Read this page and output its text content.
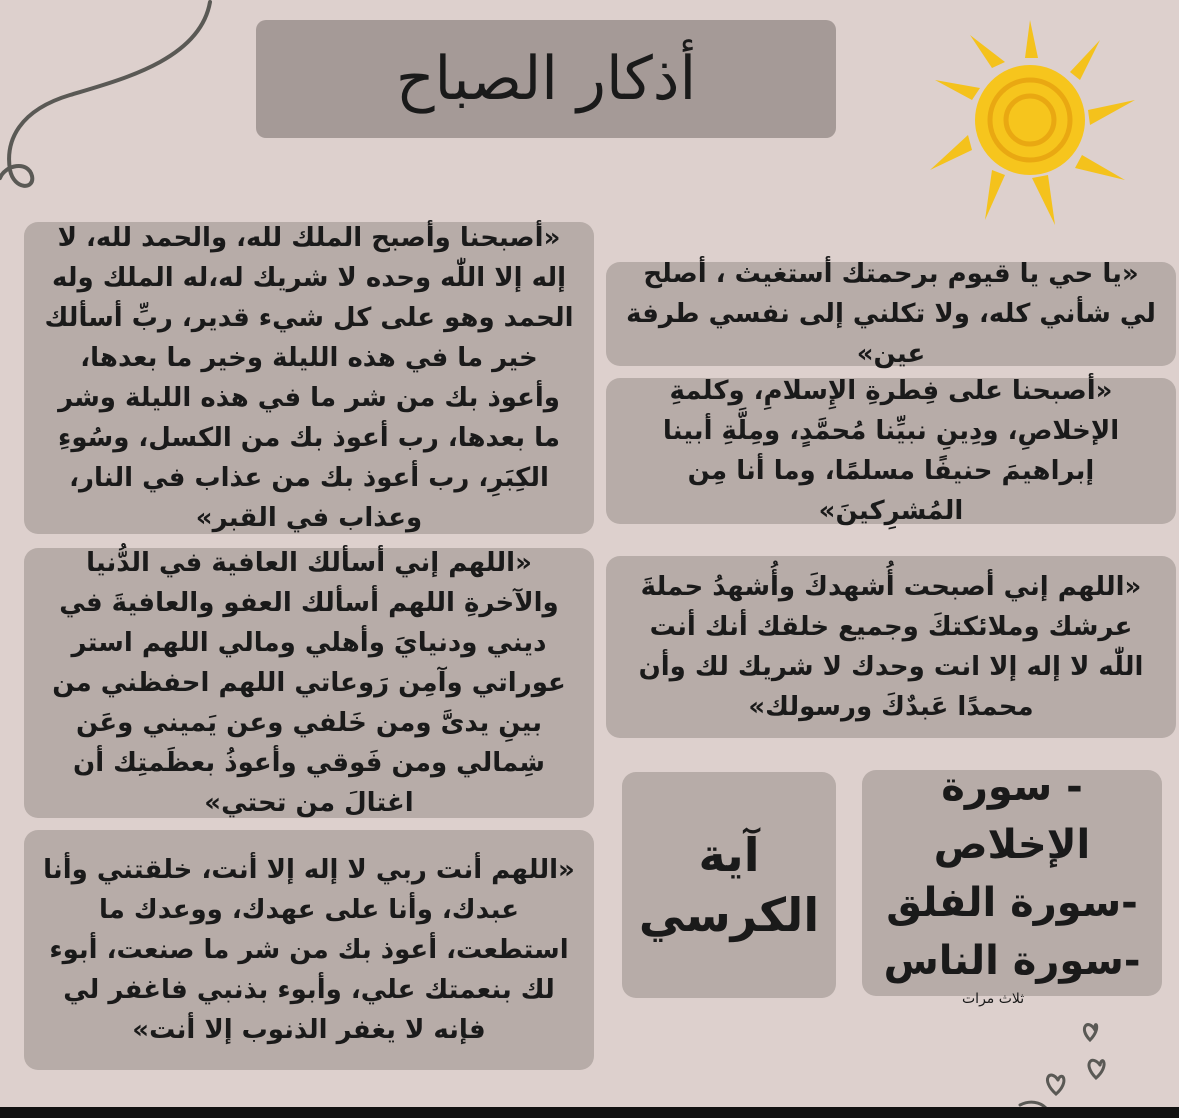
أذكار الصباح
«أصبحنا وأصبح الملك لله، والحمد لله، لا إله إلا اللّٰه وحده لا شريك له،له الملك وله الحمد وهو على كل شيء قدير، ربِّ أسألك خير ما في هذه الليلة وخير ما بعدها، وأعوذ بك من شر ما في هذه الليلة وشر ما بعدها، رب أعوذ بك من الكسل، وسُوءِ الكِبَرِ، رب أعوذ بك من عذاب في النار، وعذاب في القبر»
«اللهم إني أسألك العافية في الدُّنيا والآخرةِ اللهم أسألك العفو والعافيةَ في ديني ودنيايَ وأهلي ومالي اللهم استر عوراتي وآمِن رَوعاتي اللهم احفظني من بينِ يدىَّ ومن خَلفي وعن يَميني وعَن شِمالي ومن فَوقي وأعوذُ بعظَمتِك أن اغتالَ من تحتي»
«اللهم أنت ربي لا إله إلا أنت، خلقتني وأنا عبدك، وأنا على عهدك، ووعدك ما استطعت، أعوذ بك من شر ما صنعت، أبوء لك بنعمتك علي، وأبوء بذنبي فاغفر لي فإنه لا يغفر الذنوب إلا أنت»
«يا حي يا قيوم برحمتك أستغيث ، أصلح لي شأني كله، ولا تكلني إلى نفسي طرفة عين»
«أصبحنا على فِطرةِ الإِسلامِ، وكلمةِ الإخلاصِ، ودِينِ نبيِّنا مُحمَّدٍ، ومِلَّةِ أبينا إبراهيمَ حنيفًا مسلمًا، وما أنا مِن المُشرِكينَ»
«اللهم إني أصبحت أُشهدكَ وأُشهدُ حملةَ عرشك وملائكتكَ وجميع خلقك أنك أنت اللّٰه لا إله إلا انت وحدك لا شريك لك وأن محمدًا عَبدٌكَ ورسولك»
آية
الكرسي
- سورة الإخلاص
-سورة الفلق
-سورة الناس
ثلاث مرات
